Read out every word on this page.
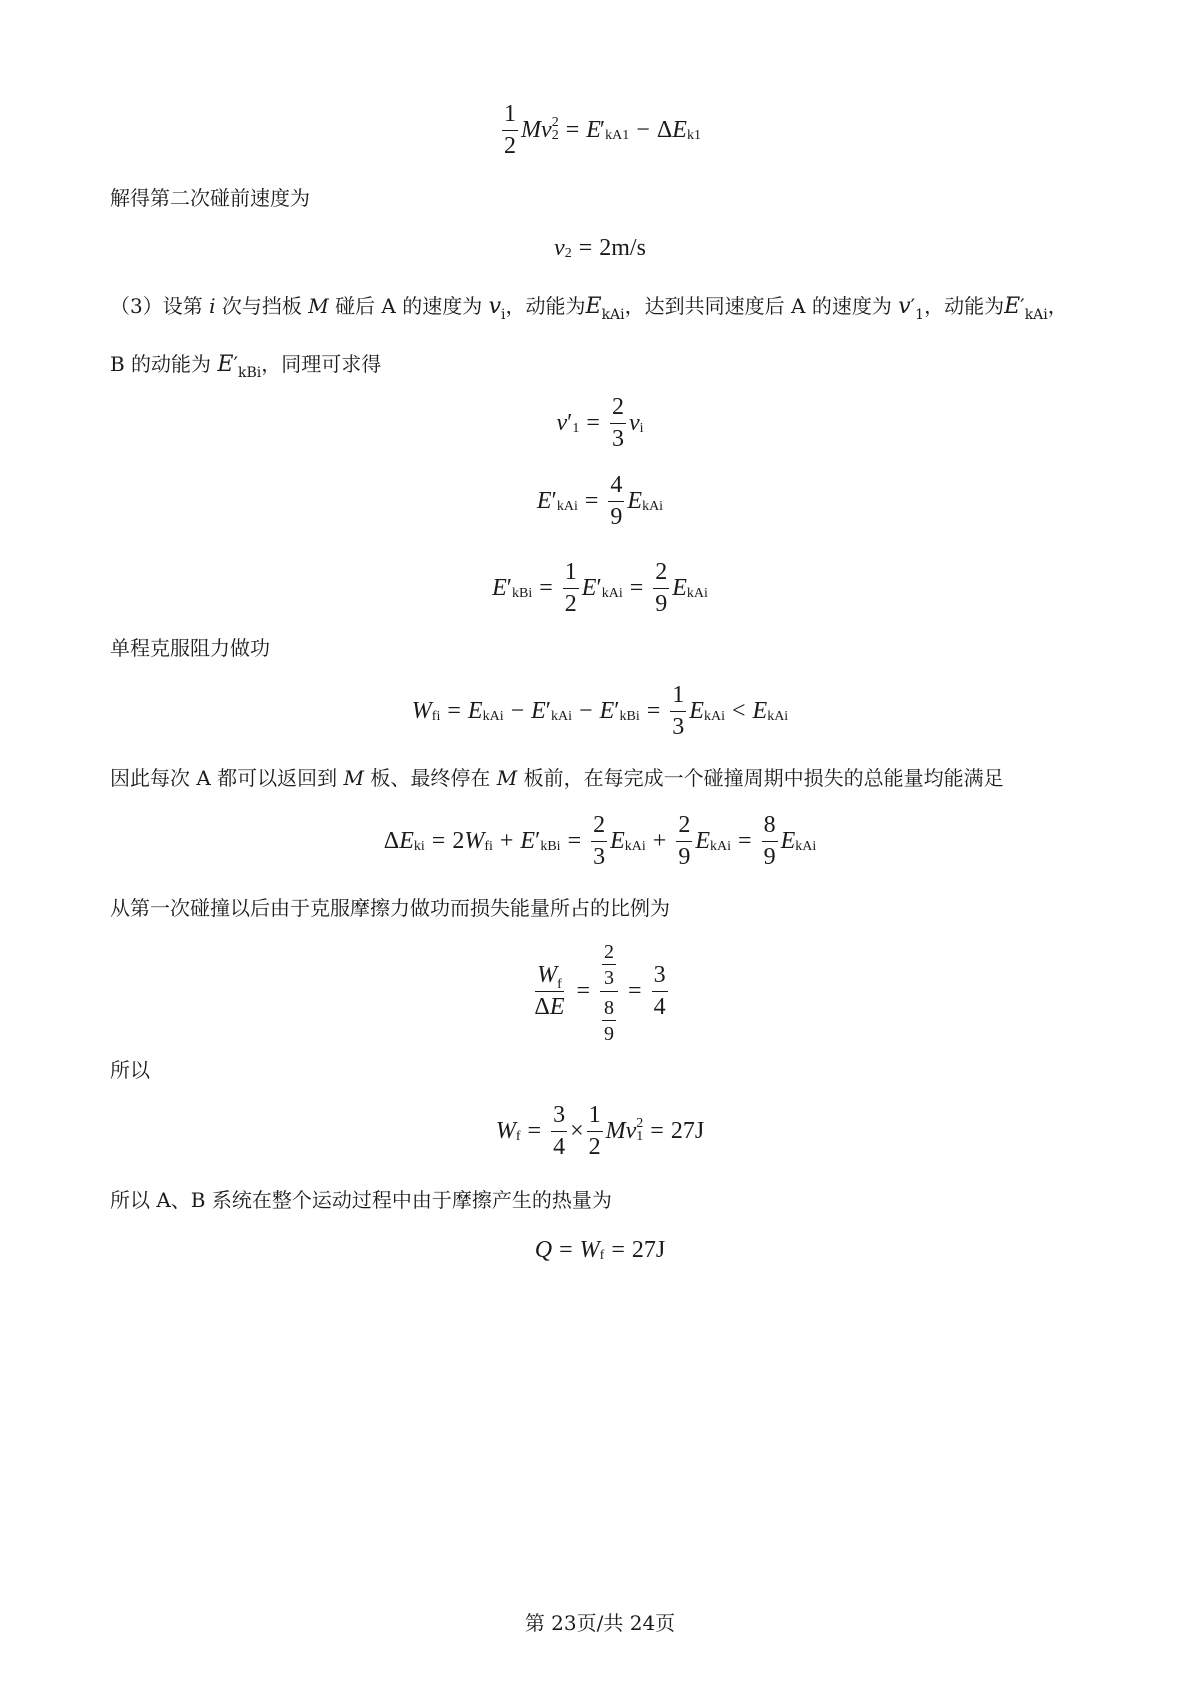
$\frac{1}{2}$ M v 2
2 = E ′ kA1 − Δ E k1
解得第二次碰前速度为
v 2 = 2m/s
（3）设第 i 次与挡板 M 碰后 A 的速度为 $v_i$，动能为$E_{kAi}$，达到共同速度后 A 的速度为 $v'_1$，动能为$E'_{kAi}$，
B 的动能为 $E'_{kBi}$，同理可求得
v ′ $1 = \frac{2}{3}$ v i
E ′ kAi = $\frac{4}{9}$ E kAi
E ′ kBi = $\frac{1}{2}$ E ′ kAi = $\frac{2}{9}$ E kAi
单程克服阻力做功
W fi = E kAi − E ′ kAi − E ′ kBi = $\frac{1}{3}$ E kAi < E kAi
因此每次 A 都可以返回到 M 板、最终停在 M 板前，在每完成一个碰撞周期中损失的总能量均能满足
Δ E ki = 2 W fi + E ′ kBi = $\frac{2}{3}$ E kAi + $\frac{2}{9}$ E kAi = $\frac{8}{9}$ E kAi
从第一次碰撞以后由于克服摩擦力做功而损失能量所占的比例为
$\frac{W_f}{\Delta E} = \frac{\frac{2}{3}}{\frac{8}{9}} = \frac{3}{4}$
所以
W $f = \frac{3}{4} \times \frac{1}{2}$ M v 2
1 = 27J
所以 A、B 系统在整个运动过程中由于摩擦产生的热量为
Q = W f = 27J
第 23页/共 24页
